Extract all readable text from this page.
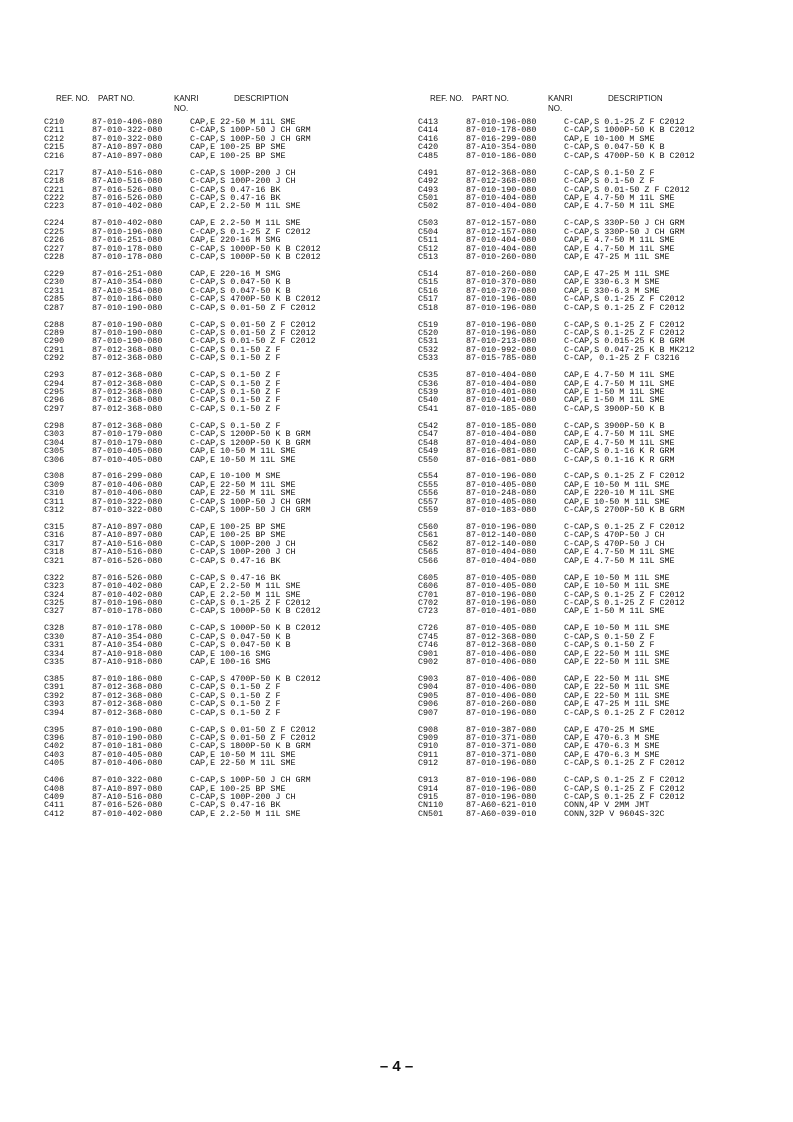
REF. NO. PART NO.	KANRI
NO.
DESCRIPTION
C210	87-010-406-080	CAP,E 22-50 M 11L SME
C211	87-010-322-080	C-CAP,S 100P-50 J CH GRM
C212	87-010-322-080	C-CAP,S 100P-50 J CH GRM
C215	87-A10-897-080	CAP,E 100-25 BP SME
C216	87-A10-897-080	CAP,E 100-25 BP SME
C217	87-A10-516-080	C-CAP,S 100P-200 J CH
C218	87-A10-516-080	C-CAP,S 100P-200 J CH
C221	87-016-526-080	C-CAP,S 0.47-16 BK
C222	87-016-526-080	C-CAP,S 0.47-16 BK
C223	87-010-402-080	CAP,E 2.2-50 M 11L SME
C224	87-010-402-080	CAP,E 2.2-50 M 11L SME
C225	87-010-196-080	C-CAP,S 0.1-25 Z F C2012
C226	87-016-251-080	CAP,E 220-16 M SMG
C227	87-010-178-080	C-CAP,S 1000P-50 K B C2012
C228	87-010-178-080	C-CAP,S 1000P-50 K B C2012
C229	87-016-251-080	CAP,E 220-16 M SMG
C230	87-A10-354-080	C-CAP,S 0.047-50 K B
C231	87-A10-354-080	C-CAP,S 0.047-50 K B
C285	87-010-186-080	C-CAP,S 4700P-50 K B C2012
C287	87-010-190-080	C-CAP,S 0.01-50 Z F C2012
C288	87-010-190-080	C-CAP,S 0.01-50 Z F C2012
C289	87-010-190-080	C-CAP,S 0.01-50 Z F C2012
C290	87-010-190-080	C-CAP,S 0.01-50 Z F C2012
C291	87-012-368-080	C-CAP,S 0.1-50 Z F
C292	87-012-368-080	C-CAP,S 0.1-50 Z F
C293	87-012-368-080	C-CAP,S 0.1-50 Z F
C294	87-012-368-080	C-CAP,S 0.1-50 Z F
C295	87-012-368-080	C-CAP,S 0.1-50 Z F
C296	87-012-368-080	C-CAP,S 0.1-50 Z F
C297	87-012-368-080	C-CAP,S 0.1-50 Z F
C298	87-012-368-080	C-CAP,S 0.1-50 Z F
C303	87-010-179-080	C-CAP,S 1200P-50 K B GRM
C304	87-010-179-080	C-CAP,S 1200P-50 K B GRM
C305	87-010-405-080	CAP,E 10-50 M 11L SME
C306	87-010-405-080	CAP,E 10-50 M 11L SME
C308	87-016-299-080	CAP,E 10-100 M SME
C309	87-010-406-080	CAP,E 22-50 M 11L SME
C310	87-010-406-080	CAP,E 22-50 M 11L SME
C311	87-010-322-080	C-CAP,S 100P-50 J CH GRM
C312	87-010-322-080	C-CAP,S 100P-50 J CH GRM
C315	87-A10-897-080	CAP,E 100-25 BP SME
C316	87-A10-897-080	CAP,E 100-25 BP SME
C317	87-A10-516-080	C-CAP,S 100P-200 J CH
C318	87-A10-516-080	C-CAP,S 100P-200 J CH
C321	87-016-526-080	C-CAP,S 0.47-16 BK
C322	87-016-526-080	C-CAP,S 0.47-16 BK
C323	87-010-402-080	CAP,E 2.2-50 M 11L SME
C324	87-010-402-080	CAP,E 2.2-50 M 11L SME
C325	87-010-196-080	C-CAP,S 0.1-25 Z F C2012
C327	87-010-178-080	C-CAP,S 1000P-50 K B C2012
C328	87-010-178-080	C-CAP,S 1000P-50 K B C2012
C330	87-A10-354-080	C-CAP,S 0.047-50 K B
C331	87-A10-354-080	C-CAP,S 0.047-50 K B
C334	87-A10-918-080	CAP,E 100-16 SMG
C335	87-A10-918-080	CAP,E 100-16 SMG
C385	87-010-186-080	C-CAP,S 4700P-50 K B C2012
C391	87-012-368-080	C-CAP,S 0.1-50 Z F
C392	87-012-368-080	C-CAP,S 0.1-50 Z F
C393	87-012-368-080	C-CAP,S 0.1-50 Z F
C394	87-012-368-080	C-CAP,S 0.1-50 Z F
C395	87-010-190-080	C-CAP,S 0.01-50 Z F C2012
C396	87-010-190-080	C-CAP,S 0.01-50 Z F C2012
C402	87-010-181-080	C-CAP,S 1800P-50 K B GRM
C403	87-010-405-080	CAP,E 10-50 M 11L SME
C405	87-010-406-080	CAP,E 22-50 M 11L SME
C406	87-010-322-080	C-CAP,S 100P-50 J CH GRM
C408	87-A10-897-080	CAP,E 100-25 BP SME
C409	87-A10-516-080	C-CAP,S 100P-200 J CH
C411	87-016-526-080	C-CAP,S 0.47-16 BK
C412	87-010-402-080	CAP,E 2.2-50 M 11L SME
REF. NO. PART NO.	KANRI
NO.
DESCRIPTION
C413	87-010-196-080	C-CAP,S 0.1-25 Z F C2012
C414	87-010-178-080	C-CAP,S 1000P-50 K B C2012
C416	87-016-299-080	CAP,E 10-100 M SME
C420	87-A10-354-080	C-CAP,S 0.047-50 K B
C485	87-010-186-080	C-CAP,S 4700P-50 K B C2012
C491	87-012-368-080	C-CAP,S 0.1-50 Z F
C492	87-012-368-080	C-CAP,S 0.1-50 Z F
C493	87-010-190-080	C-CAP,S 0.01-50 Z F C2012
C501	87-010-404-080	CAP,E 4.7-50 M 11L SME
C502	87-010-404-080	CAP,E 4.7-50 M 11L SME
C503	87-012-157-080	C-CAP,S 330P-50 J CH GRM
C504	87-012-157-080	C-CAP,S 330P-50 J CH GRM
C511	87-010-404-080	CAP,E 4.7-50 M 11L SME
C512	87-010-404-080	CAP,E 4.7-50 M 11L SME
C513	87-010-260-080	CAP,E 47-25 M 11L SME
C514	87-010-260-080	CAP,E 47-25 M 11L SME
C515	87-010-370-080	CAP,E 330-6.3 M SME
C516	87-010-370-080	CAP,E 330-6.3 M SME
C517	87-010-196-080	C-CAP,S 0.1-25 Z F C2012
C518	87-010-196-080	C-CAP,S 0.1-25 Z F C2012
C519	87-010-196-080	C-CAP,S 0.1-25 Z F C2012
C520	87-010-196-080	C-CAP,S 0.1-25 Z F C2012
C531	87-010-213-080	C-CAP,S 0.015-25 K B GRM
C532	87-010-992-080	C-CAP,S 0.047-25 K B MK212
C533	87-015-785-080	C-CAP, 0.1-25 Z F C3216
C535	87-010-404-080	CAP,E 4.7-50 M 11L SME
C536	87-010-404-080	CAP,E 4.7-50 M 11L SME
C539	87-010-401-080	CAP,E 1-50 M 11L SME
C540	87-010-401-080	CAP,E 1-50 M 11L SME
C541	87-010-185-080	C-CAP,S 3900P-50 K B
C542	87-010-185-080	C-CAP,S 3900P-50 K B
C547	87-010-404-080	CAP,E 4.7-50 M 11L SME
C548	87-010-404-080	CAP,E 4.7-50 M 11L SME
C549	87-016-081-080	C-CAP,S 0.1-16 K R GRM
C550	87-016-081-080	C-CAP,S 0.1-16 K R GRM
C554	87-010-196-080	C-CAP,S 0.1-25 Z F C2012
C555	87-010-405-080	CAP,E 10-50 M 11L SME
C556	87-010-248-080	CAP,E 220-10 M 11L SME
C557	87-010-405-080	CAP,E 10-50 M 11L SME
C559	87-010-183-080	C-CAP,S 2700P-50 K B GRM
C560	87-010-196-080	C-CAP,S 0.1-25 Z F C2012
C561	87-012-140-080	C-CAP,S 470P-50 J CH
C562	87-012-140-080	C-CAP,S 470P-50 J CH
C565	87-010-404-080	CAP,E 4.7-50 M 11L SME
C566	87-010-404-080	CAP,E 4.7-50 M 11L SME
C605	87-010-405-080	CAP,E 10-50 M 11L SME
C606	87-010-405-080	CAP,E 10-50 M 11L SME
C701	87-010-196-080	C-CAP,S 0.1-25 Z F C2012
C702	87-010-196-080	C-CAP,S 0.1-25 Z F C2012
C723	87-010-401-080	CAP,E 1-50 M 11L SME
C726	87-010-405-080	CAP,E 10-50 M 11L SME
C745	87-012-368-080	C-CAP,S 0.1-50 Z F
C746	87-012-368-080	C-CAP,S 0.1-50 Z F
C901	87-010-406-080	CAP,E 22-50 M 11L SME
C902	87-010-406-080	CAP,E 22-50 M 11L SME
C903	87-010-406-080	CAP,E 22-50 M 11L SME
C904	87-010-406-080	CAP,E 22-50 M 11L SME
C905	87-010-406-080	CAP,E 22-50 M 11L SME
C906	87-010-260-080	CAP,E 47-25 M 11L SME
C907	87-010-196-080	C-CAP,S 0.1-25 Z F C2012
C908	87-010-387-080	CAP,E 470-25 M SME
C909	87-010-371-080	CAP,E 470-6.3 M SME
C910	87-010-371-080	CAP,E 470-6.3 M SME
C911	87-010-371-080	CAP,E 470-6.3 M SME
C912	87-010-196-080	C-CAP,S 0.1-25 Z F C2012
C913	87-010-196-080	C-CAP,S 0.1-25 Z F C2012
C914	87-010-196-080	C-CAP,S 0.1-25 Z F C2012
C915	87-010-196-080	C-CAP,S 0.1-25 Z F C2012
CN110	87-A60-621-010	CONN,4P V 2MM JMT
CN501	87-A60-039-010	CONN,32P V 9604S-32C
– 4 –
